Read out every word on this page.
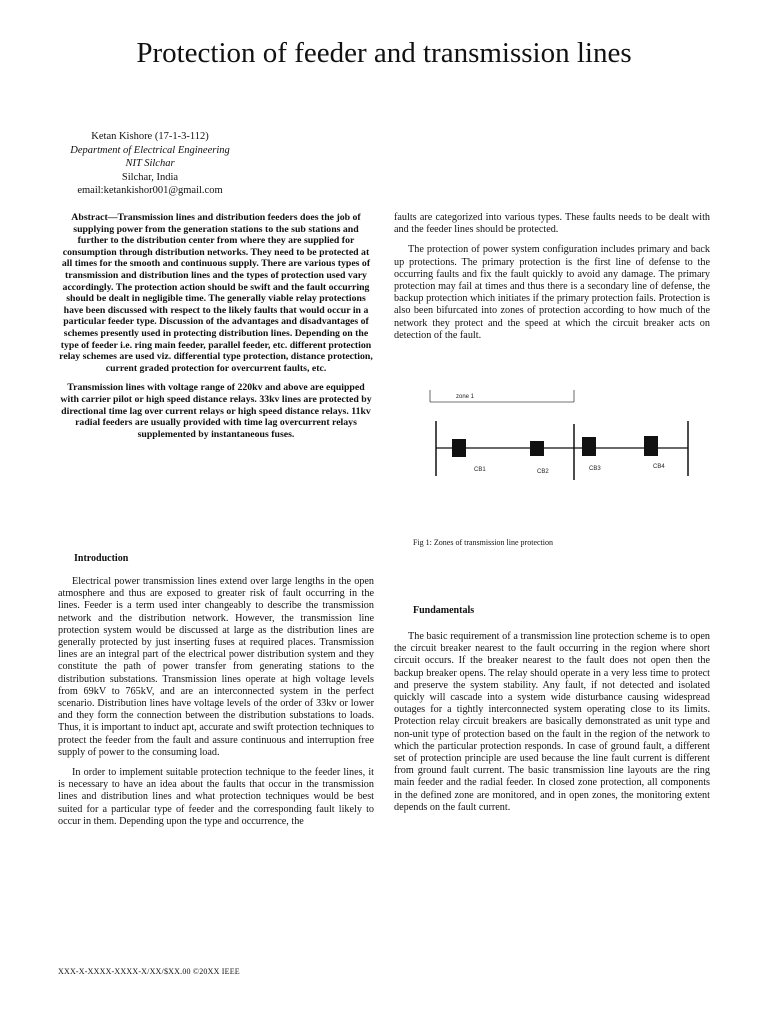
Protection of feeder and transmission lines
Ketan Kishore (17-1-3-112)
Department of Electrical Engineering
NIT Silchar
Silchar, India
email:ketankishor001@gmail.com

Abstract—Transmission lines and distribution feeders does the job of supplying power from the generation stations to the sub stations and further to the distribution center from where they are supplied for consumption through distribution networks. They need to be protected at all times for the smooth and continuous supply. There are various types of transmission and distribution lines and the types of protection used vary accordingly. The protection action should be swift and the fault occurring should be dealt in negligible time. The generally viable relay protections have been discussed with respect to the likely faults that would occur in a particular feeder type. Discussion of the advantages and disadvantages of schemes presently used in protecting distribution lines. Depending on the type of feeder i.e. ring main feeder, parallel feeder, etc. different protection relay schemes are used viz. differential type protection, distance protection, current graded protection for overcurrent faults, etc.

Transmission lines with voltage range of 220kv and above are equipped with carrier pilot or high speed distance relays. 33kv lines are protected by directional time lag over current relays or high speed distance relays. 11kv radial feeders are usually provided with time lag overcurrent relays supplemented by instantaneous fuses.

Introduction

Electrical power transmission lines extend over large lengths in the open atmosphere and thus are exposed to greater risk of fault occurring in the lines. Feeder is a term used inter changeably to describe the transmission network and the distribution network. However, the transmission line protection system would be discussed at large as the distribution lines are generally protected by just inserting fuses at required places. Transmission lines are an integral part of the electrical power distribution system and they constitute the path of power transfer from generating stations to the distribution substations. Transmission lines operate at high voltage levels from 69kV to 765kV, and are an interconnected system in the perfect scenario. Distribution lines have voltage levels of the order of 33kv or lower and they form the connection between the distribution substations to loads. Thus, it is important to induct apt, accurate and swift protection techniques to protect the feeder from the fault and assure continuous and interruption free supply of power to the consuming load.

In order to implement suitable protection technique to the feeder lines, it is necessary to have an idea about the faults that occur in the transmission lines and distribution lines and what protection techniques would be best suited for a particular type of feeder and the corresponding fault likely to occur in them. Depending upon the type and occurrence, the

faults are categorized into various types. These faults needs to be dealt with and the feeder lines should be protected.

The protection of power system configuration includes primary and back up protections. The primary protection is the first line of defense to the occurring faults and fix the fault quickly to avoid any damage. The primary protection may fail at times and thus there is a secondary line of defense, the backup protection which initiates if the primary protection fails. Protection is also been bifurcated into zones of protection according to how much of the network they protect and the speed at which the circuit breaker acts on detection of the fault.

zone 1
CB1	CB2	CB3	CB4
Fig 1: Zones of transmission line protection
Fundamentals

The basic requirement of a transmission line protection scheme is to open the circuit breaker nearest to the fault occurring in the region where short circuit occurs. If the breaker nearest to the fault does not open then the backup breaker opens. The relay should operate in a very less time to protect and preserve the system stability. Any fault, if not detected and isolated quickly will cascade into a system wide disturbance causing widespread outages for a tightly interconnected system operating close to its limits. Protection relay circuit breakers are basically demonstrated as unit type and non-unit type of protection based on the fault in the region of the network to which the particular protection responds. In case of ground fault, a different set of protection principle are used because the line fault current is different from ground fault current. The basic transmission line layouts are the ring main feeder and the radial feeder. In closed zone protection, all components in the defined zone are monitored, and in open zones, the monitoring extent depends on the fault current.

XXX-X-XXXX-XXXX-X/XX/$XX.00 ©20XX IEEE
